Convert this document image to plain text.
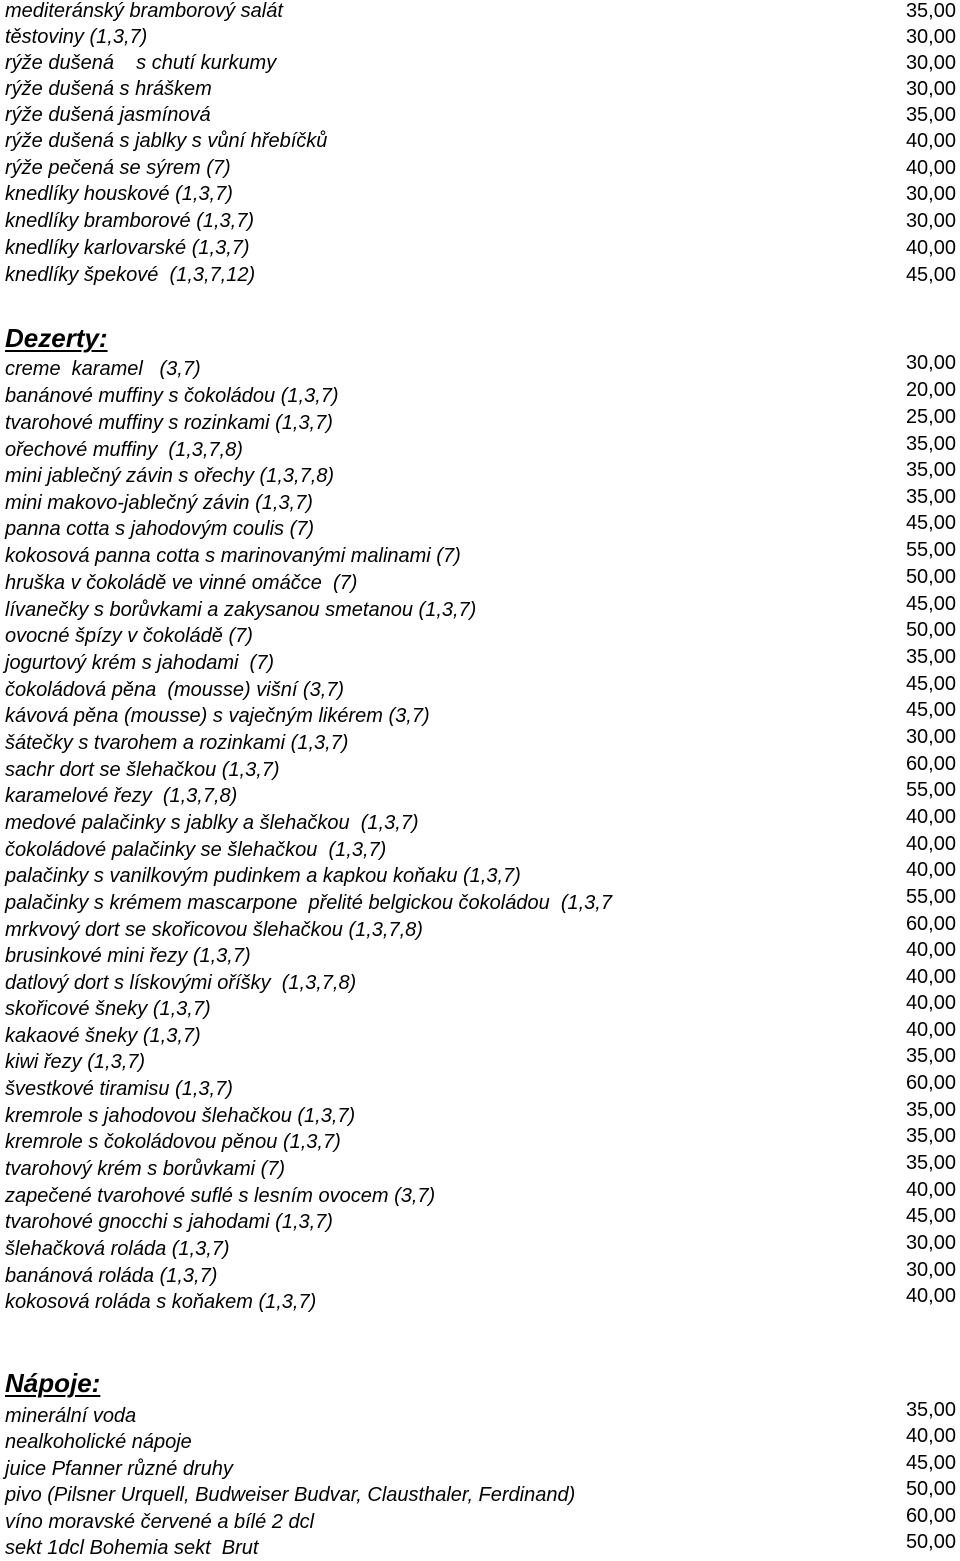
mediteránský bramborový salát	35,00
těstoviny (1,3,7)	30,00
rýže dušená    s chutí kurkumy	30,00
rýže dušená s hráškem	30,00
rýže dušená jasmínová	35,00
rýže dušená s jablky s vůní hřebíčků	40,00
rýže pečená se sýrem (7)	40,00
knedlíky houskové (1,3,7)	30,00
knedlíky bramborové (1,3,7)	30,00
knedlíky karlovarské (1,3,7)	40,00
knedlíky špekové  (1,3,7,12)	45,00
Dezerty:
creme  karamel   (3,7)	30,00
banánové muffiny s čokoládou (1,3,7)	20,00
tvarohové muffiny s rozinkami (1,3,7)	25,00
ořechové muffiny  (1,3,7,8)	35,00
mini jablečný závin s ořechy (1,3,7,8)	35,00
mini makovo-jablečný závin (1,3,7)	35,00
panna cotta s jahodovým coulis (7)	45,00
kokosová panna cotta s marinovanými malinami (7)	55,00
hruška v čokoládě ve vinné omáčce  (7)	50,00
lívanečky s borůvkami a zakysanou smetanou (1,3,7)	45,00
ovocné špízy v čokoládě (7)	50,00
jogurtový krém s jahodami  (7)	35,00
čokoládová pěna  (mousse) višní (3,7)	45,00
kávová pěna (mousse) s vaječným likérem (3,7)	45,00
šátečky s tvarohem a rozinkami (1,3,7)	30,00
sachr dort se šlehačkou (1,3,7)	60,00
karamelové řezy  (1,3,7,8)	55,00
medové palačinky s jablky a šlehačkou  (1,3,7)	40,00
čokoládové palačinky se šlehačkou  (1,3,7)	40,00
palačinky s vanilkovým pudinkem a kapkou koňaku (1,3,7)	40,00
palačinky s krémem mascarpone  přelité belgickou čokoládou  (1,3,7	55,00
mrkvový dort se skořicovou šlehačkou (1,3,7,8)	60,00
brusinkové mini řezy (1,3,7)	40,00
datlový dort s lískovými oříšky  (1,3,7,8)	40,00
skořicové šneky (1,3,7)	40,00
kakaové šneky (1,3,7)	40,00
kiwi řezy (1,3,7)	35,00
švestkové tiramisu (1,3,7)	60,00
kremrole s jahodovou šlehačkou (1,3,7)	35,00
kremrole s čokoládovou pěnou (1,3,7)	35,00
tvarohový krém s borůvkami (7)	35,00
zapečené tvarohové suflé s lesním ovocem (3,7)	40,00
tvarohové gnocchi s jahodami (1,3,7)	45,00
šlehačková roláda (1,3,7)	30,00
banánová roláda (1,3,7)	30,00
kokosová roláda s koňakem (1,3,7)	40,00
Nápoje:
minerální voda	35,00
nealkoholické nápoje	40,00
juice Pfanner různé druhy	45,00
pivo (Pilsner Urquell, Budweiser Budvar, Clausthaler, Ferdinand)	50,00
víno moravské červené a bílé 2 dcl	60,00
sekt 1dcl Bohemia sekt  Brut	50,00
